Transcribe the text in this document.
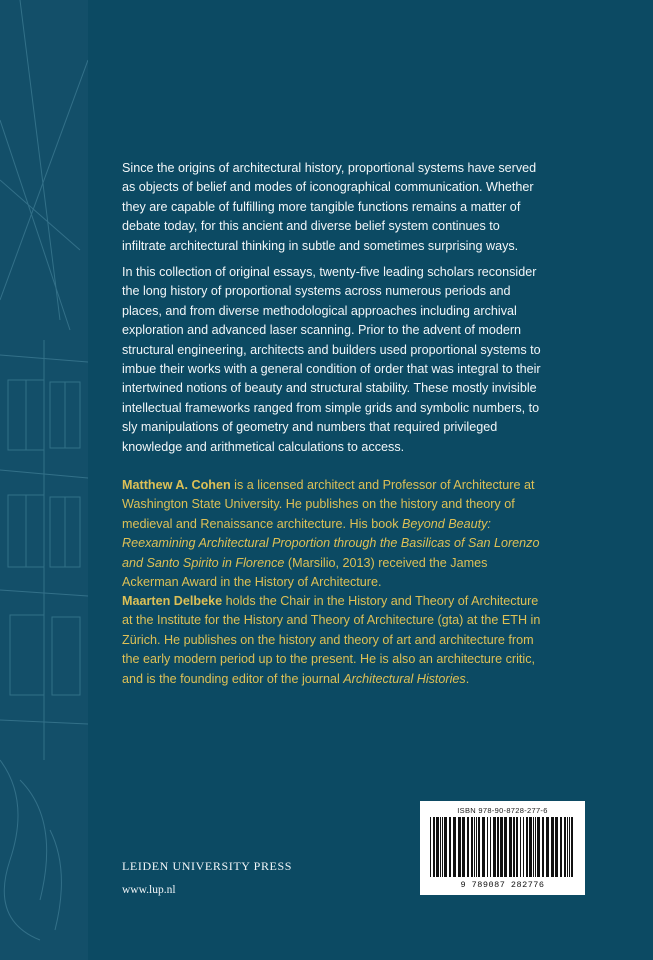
Since the origins of architectural history, proportional systems have served as objects of belief and modes of iconographical communication. Whether they are capable of fulfilling more tangible functions remains a matter of debate today, for this ancient and diverse belief system continues to infiltrate architectural thinking in subtle and sometimes surprising ways.

In this collection of original essays, twenty-five leading scholars reconsider the long history of proportional systems across numerous periods and places, and from diverse methodological approaches including archival exploration and advanced laser scanning. Prior to the advent of modern structural engineering, architects and builders used proportional systems to imbue their works with a general condition of order that was integral to their intertwined notions of beauty and structural stability. These mostly invisible intellectual frameworks ranged from simple grids and symbolic numbers, to sly manipulations of geometry and numbers that required privileged knowledge and arithmetical calculations to access.

Matthew A. Cohen is a licensed architect and Professor of Architecture at Washington State University. He publishes on the history and theory of medieval and Renaissance architecture. His book Beyond Beauty: Reexamining Architectural Proportion through the Basilicas of San Lorenzo and Santo Spirito in Florence (Marsilio, 2013) received the James Ackerman Award in the History of Architecture.

Maarten Delbeke holds the Chair in the History and Theory of Architecture at the Institute for the History and Theory of Architecture (gta) at the ETH in Zürich. He publishes on the history and theory of art and architecture from the early modern period up to the present. He is also an architecture critic, and is the founding editor of the journal Architectural Histories.

ISBN 978-90-8728-277-6
9 789087 282776
LEIDEN UNIVERSITY PRESS
www.lup.nl
